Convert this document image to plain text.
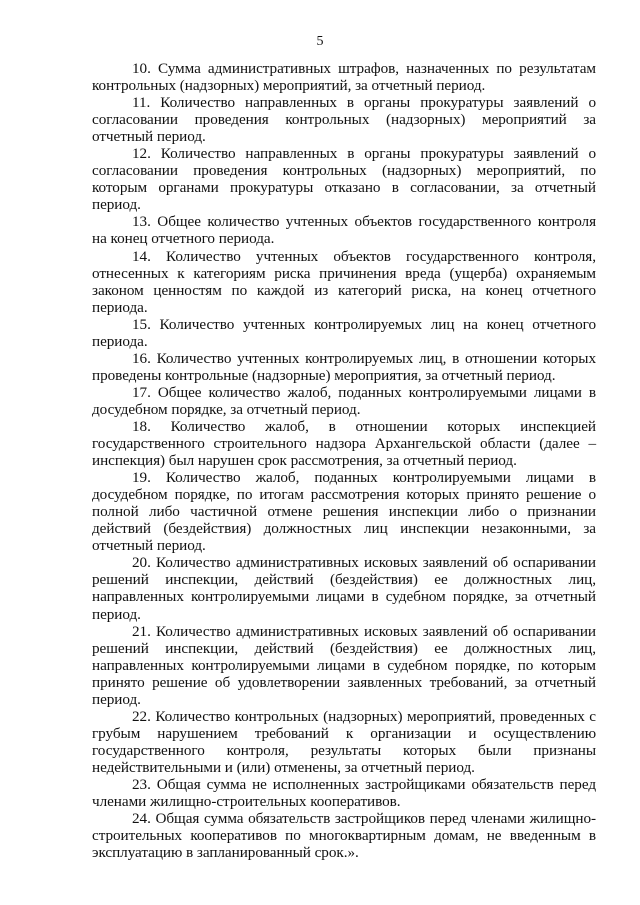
5

10. Сумма административных штрафов, назначенных по результатам контрольных (надзорных) мероприятий, за отчетный период.

11. Количество направленных в органы прокуратуры заявлений о согласовании проведения контрольных (надзорных) мероприятий за отчетный период.

12. Количество направленных в органы прокуратуры заявлений о согласовании проведения контрольных (надзорных) мероприятий, по которым органами прокуратуры отказано в согласовании, за отчетный период.

13. Общее количество учтенных объектов государственного контроля на конец отчетного периода.

14. Количество учтенных объектов государственного контроля, отнесенных к категориям риска причинения вреда (ущерба) охраняемым законом ценностям по каждой из категорий риска, на конец отчетного периода.

15. Количество учтенных контролируемых лиц на конец отчетного периода.

16. Количество учтенных контролируемых лиц, в отношении которых проведены контрольные (надзорные) мероприятия, за отчетный период.

17. Общее количество жалоб, поданных контролируемыми лицами в досудебном порядке, за отчетный период.

18. Количество жалоб, в отношении которых инспекцией государственного строительного надзора Архангельской области (далее – инспекция) был нарушен срок рассмотрения, за отчетный период.

19. Количество жалоб, поданных контролируемыми лицами в досудебном порядке, по итогам рассмотрения которых принято решение о полной либо частичной отмене решения инспекции либо о признании действий (бездействия) должностных лиц инспекции незаконными, за отчетный период.

20. Количество административных исковых заявлений об оспаривании решений инспекции, действий (бездействия) ее должностных лиц, направленных контролируемыми лицами в судебном порядке, за отчетный период.

21. Количество административных исковых заявлений об оспаривании решений инспекции, действий (бездействия) ее должностных лиц, направленных контролируемыми лицами в судебном порядке, по которым принято решение об удовлетворении заявленных требований, за отчетный период.

22. Количество контрольных (надзорных) мероприятий, проведенных с грубым нарушением требований к организации и осуществлению государственного контроля, результаты которых были признаны недействительными и (или) отменены, за отчетный период.

23. Общая сумма не исполненных застройщиками обязательств перед членами жилищно-строительных кооперативов.

24. Общая сумма обязательств застройщиков перед членами жилищно-строительных кооперативов по многоквартирным домам, не введенным в эксплуатацию в запланированный срок.».
